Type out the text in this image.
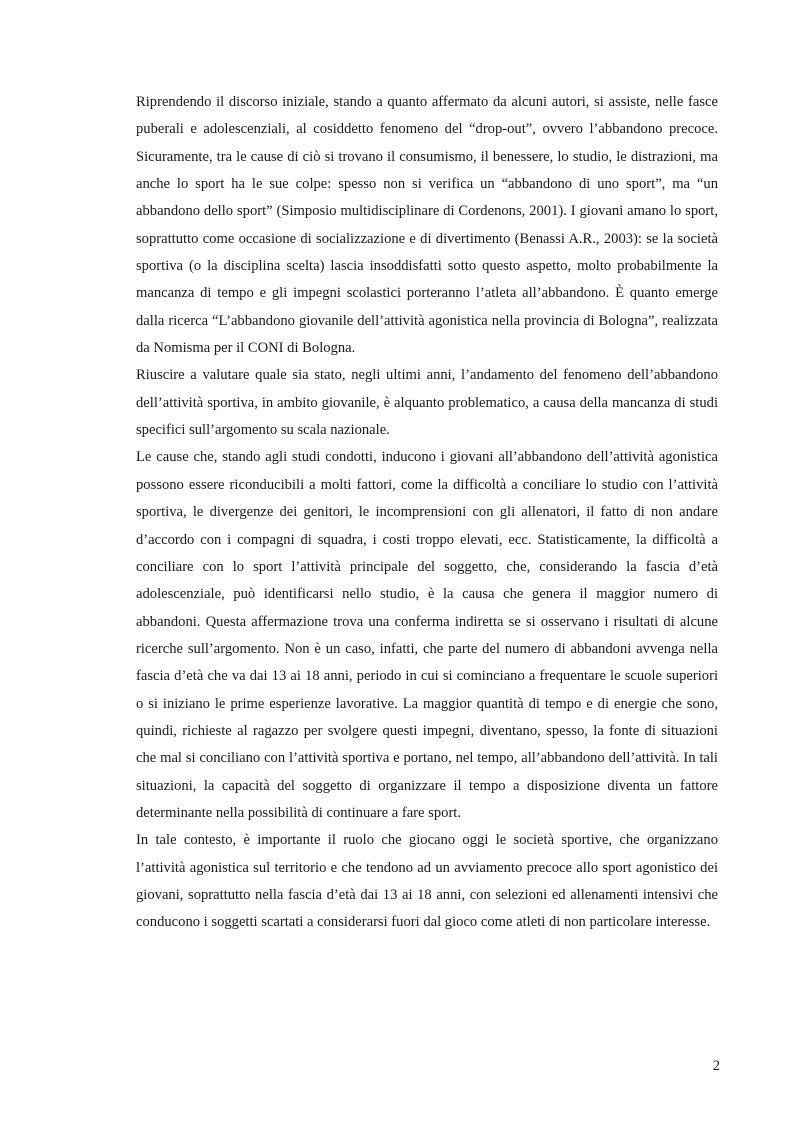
Riprendendo il discorso iniziale, stando a quanto affermato da alcuni autori, si assiste, nelle fasce puberali e adolescenziali, al cosiddetto fenomeno del “drop-out”, ovvero l’abbandono precoce. Sicuramente, tra le cause di ciò si trovano il consumismo, il benessere, lo studio, le distrazioni, ma anche lo sport ha le sue colpe: spesso non si verifica un “abbandono di uno sport”, ma “un abbandono dello sport” (Simposio multidisciplinare di Cordenons, 2001). I giovani amano lo sport, soprattutto come occasione di socializzazione e di divertimento (Benassi A.R., 2003): se la società sportiva (o la disciplina scelta) lascia insoddisfatti sotto questo aspetto, molto probabilmente la mancanza di tempo e gli impegni scolastici porteranno l’atleta all’abbandono. È quanto emerge dalla ricerca “L’abbandono giovanile dell’attività agonistica nella provincia di Bologna”, realizzata da Nomisma per il CONI di Bologna.

Riuscire a valutare quale sia stato, negli ultimi anni, l’andamento del fenomeno dell’abbandono dell’attività sportiva, in ambito giovanile, è alquanto problematico, a causa della mancanza di studi specifici sull’argomento su scala nazionale.

Le cause che, stando agli studi condotti, inducono i giovani all’abbandono dell’attività agonistica possono essere riconducibili a molti fattori, come la difficoltà a conciliare lo studio con l’attività sportiva, le divergenze dei genitori, le incomprensioni con gli allenatori, il fatto di non andare d’accordo con i compagni di squadra, i costi troppo elevati, ecc. Statisticamente, la difficoltà a conciliare con lo sport l’attività principale del soggetto, che, considerando la fascia d’età adolescenziale, può identificarsi nello studio, è la causa che genera il maggior numero di abbandoni. Questa affermazione trova una conferma indiretta se si osservano i risultati di alcune ricerche sull’argomento. Non è un caso, infatti, che parte del numero di abbandoni avvenga nella fascia d’età che va dai 13 ai 18 anni, periodo in cui si cominciano a frequentare le scuole superiori o si iniziano le prime esperienze lavorative. La maggior quantità di tempo e di energie che sono, quindi, richieste al ragazzo per svolgere questi impegni, diventano, spesso, la fonte di situazioni che mal si conciliano con l’attività sportiva e portano, nel tempo, all’abbandono dell’attività. In tali situazioni, la capacità del soggetto di organizzare il tempo a disposizione diventa un fattore determinante nella possibilità di continuare a fare sport.

In tale contesto, è importante il ruolo che giocano oggi le società sportive, che organizzano l’attività agonistica sul territorio e che tendono ad un avviamento precoce allo sport agonistico dei giovani, soprattutto nella fascia d’età dai 13 ai 18 anni, con selezioni ed allenamenti intensivi che conducono i soggetti scartati a considerarsi fuori dal gioco come atleti di non particolare interesse.

2
